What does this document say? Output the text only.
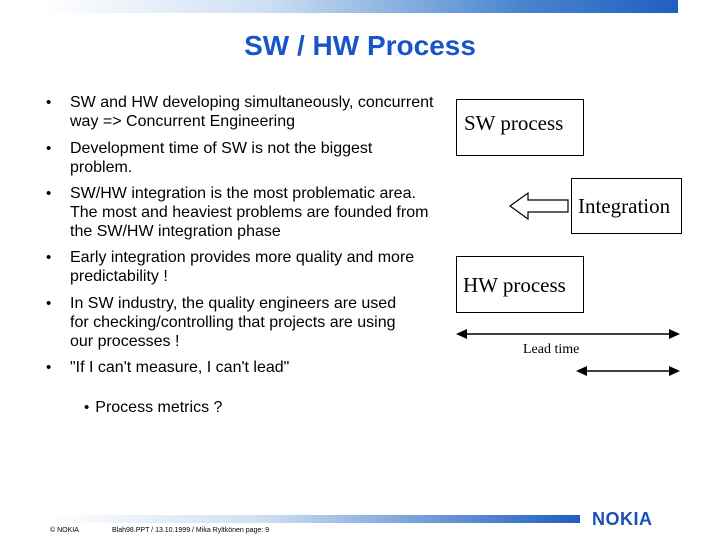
SW / HW Process
• SW and HW developing simultaneously, concurrent way => Concurrent Engineering
• Development time of SW is not the biggest problem.
• SW/HW integration is the most problematic area. The most and heaviest problems are founded from the SW/HW integration phase
• Early integration provides more quality and more predictability !
• In SW industry, the quality engineers are used for checking/controlling that projects are using our processes !
• "If I can't measure, I can't lead"
• Process metrics ?
SW process
Integration
HW process
Lead time
© NOKIA	Blah98.PPT / 13.10.1999 / Mika Ryltkönen page: 9
NOKIA
